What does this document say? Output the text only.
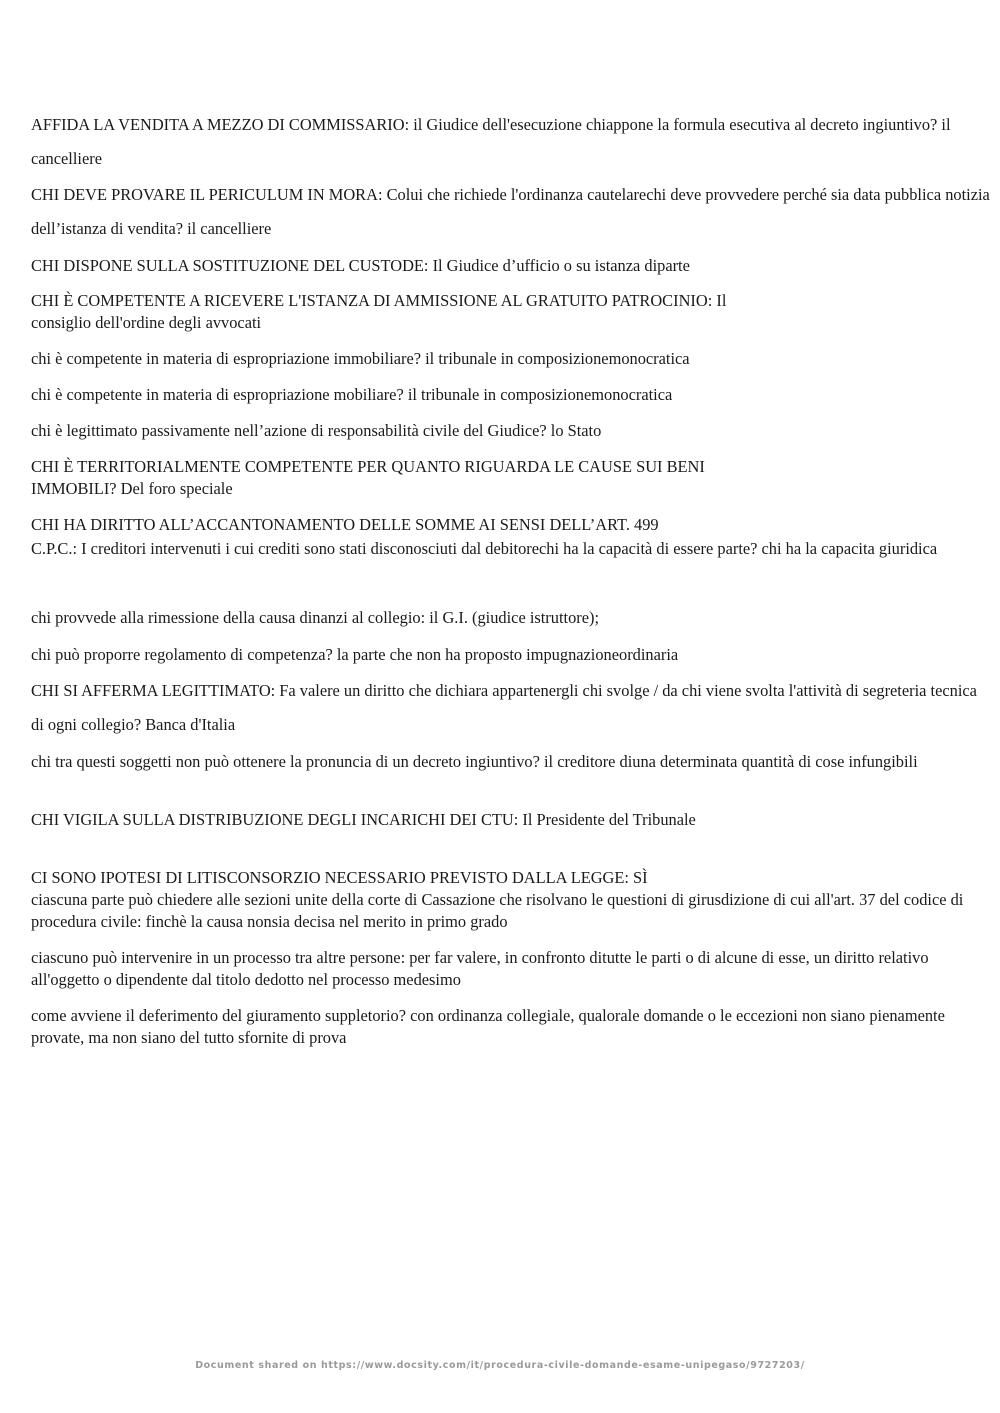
AFFIDA LA VENDITA A MEZZO DI COMMISSARIO: il Giudice dell'esecuzione chiappone la formula esecutiva al decreto ingiuntivo? il cancelliere

CHI DEVE PROVARE IL PERICULUM IN MORA: Colui che richiede l'ordinanza cautelarechi deve provvedere perché sia data pubblica notizia dell’istanza di vendita? il cancelliere

CHI DISPONE SULLA SOSTITUZIONE DEL CUSTODE: Il Giudice d’ufficio o su istanza diparte

CHI È COMPETENTE A RICEVERE L'ISTANZA DI AMMISSIONE AL GRATUITO PATROCINIO: Il consiglio dell'ordine degli avvocati

chi è competente in materia di espropriazione immobiliare? il tribunale in composizionemonocratica

chi è competente in materia di espropriazione mobiliare? il tribunale in composizionemonocratica

chi è legittimato passivamente nell’azione di responsabilità civile del Giudice? lo Stato

CHI È TERRITORIALMENTE COMPETENTE PER QUANTO RIGUARDA LE CAUSE SUI BENI IMMOBILI? Del foro speciale

CHI HA DIRITTO ALL’ACCANTONAMENTO DELLE SOMME AI SENSI DELL’ART. 499

C.P.C.: I creditori intervenuti i cui crediti sono stati disconosciuti dal debitorechi ha la capacità di essere parte? chi ha la capacita giuridica

chi provvede alla rimessione della causa dinanzi al collegio: il G.I. (giudice istruttore);

chi può proporre regolamento di competenza? la parte che non ha proposto impugnazioneordinaria

CHI SI AFFERMA LEGITTIMATO: Fa valere un diritto che dichiara appartenergli chi svolge / da chi viene svolta l'attività di segreteria tecnica di ogni collegio? Banca d'Italia

chi tra questi soggetti non può ottenere la pronuncia di un decreto ingiuntivo? il creditore diuna determinata quantità di cose infungibili

CHI VIGILA SULLA DISTRIBUZIONE DEGLI INCARICHI DEI CTU: Il Presidente del Tribunale

CI SONO IPOTESI DI LITISCONSORZIO NECESSARIO PREVISTO DALLA LEGGE: SÌ

ciascuna parte può chiedere alle sezioni unite della corte di Cassazione che risolvano le questioni di girusdizione di cui all'art. 37 del codice di procedura civile: finchè la causa nonsia decisa nel merito in primo grado

ciascuno può intervenire in un processo tra altre persone: per far valere, in confronto ditutte le parti o di alcune di esse, un diritto relativo all'oggetto o dipendente dal titolo dedotto nel processo medesimo

come avviene il deferimento del giuramento suppletorio? con ordinanza collegiale, qualorale domande o le eccezioni non siano pienamente provate, ma non siano del tutto sfornite di prova

Document shared on https://www.docsity.com/it/procedura-civile-domande-esame-unipegaso/9727203/
